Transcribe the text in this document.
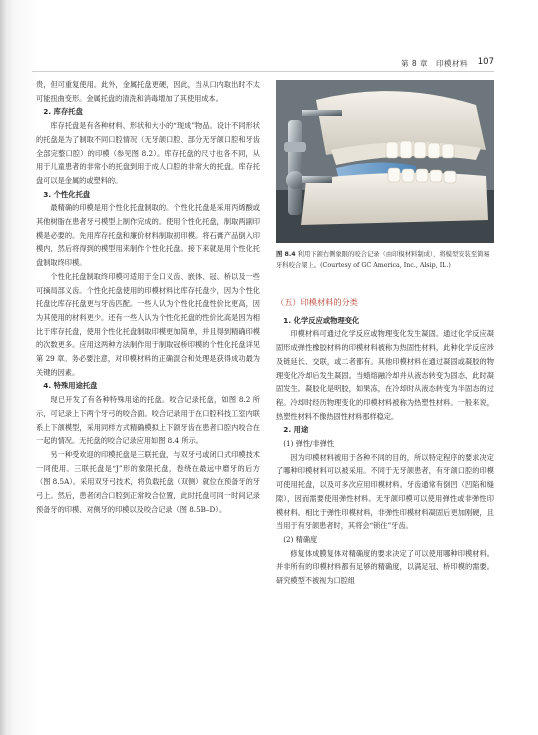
第 8 章　印模材料 107

贵，但可重复使用。此外，金属托盘更硬，因此，当从口内取出时不太可能扭曲变形。金属托盘的清洗和消毒增加了其使用成本。

2. 库存托盘

库存托盘是有各种材料、形状和大小的“现成”物品。设计不同形状的托盘是为了制取不同口腔情况（无牙颌口腔、部分无牙颌口腔和牙齿全部完整口腔）的印模（参见图 8.2）。库存托盘的尺寸也各不同，从用于儿童患者的非常小的托盘到用于成人口腔的非常大的托盘。库存托盘可以是金属的或塑料的。

3. 个性化托盘

最精确的印模是用个性化托盘制取的。个性化托盘是采用丙烯酸或其他树脂在患者牙弓模型上制作完成的。使用个性化托盘，制取两副印模是必要的。先用库存托盘和廉价材料制取初印模。将石膏产品倒入印模内，然后将得到的模型用来制作个性化托盘。接下来就是用个性化托盘制取终印模。

个性化托盘制取终印模可适用于全口义齿、嵌体、冠、桥以及一些可摘局部义齿。个性化托盘使用的印模材料比库存托盘少，因为个性化托盘比库存托盘更与牙齿匹配。一些人认为个性化托盘性价比更高，因为其使用的材料更少。还有一些人认为个性化托盘的性价比高是因为相比于库存托盘，使用个性化托盘制取印模更加简单，并且得到精确印模的次数更多。应用这两种方法制作用于制取冠桥印模的个性化托盘详见第 29 章。务必要注意，对印模材料的正确混合和处理是获得成功最为关键的因素。

4. 特殊用途托盘

现已开发了有各种特殊用途的托盘。咬合记录托盘，如图 8.2 所示，可记录上下两个牙弓的咬合面。咬合记录用于在口腔科技工室内联系上下颌模型，采用同样方式精确模拟上下颌牙齿在患者口腔内咬合在一起的情况。无托盘的咬合记录应用如图 8.4 所示。

另一种受欢迎的印模托盘是三联托盘，与双牙弓或闭口式印模技术一同使用。三联托盘是“J”形的象限托盘，卷绕在最远中磨牙的后方（图 8.5A）。采用双牙弓技术，将负载托盘（双侧）就位在预备牙的牙弓上。然后，患者闭合口腔到正常咬合位置，此时托盘可同一时间记录预备牙的印模、对侧牙的印模以及咬合记录（图 8.5B–D）。

图 8.4 利用下颌右侧象限的咬合记录（由印模材料制成），将模型安装至简易牙科咬合架上。(Courtesy of GC America, Inc., Alsip, IL.)
（五）印模材料的分类
1. 化学反应或物理变化

印模材料可通过化学反应或物理变化发生凝固。通过化学反应凝固形成弹性橡胶材料的印模材料被称为热固性材料，此种化学反应涉及链延长、交联，或二者都有。其他印模材料在通过凝固或凝胶的物理变化冷却后发生凝固。当蜡熔融冷却并从液态转变为固态，此时凝固发生。凝胶化是明胶，如果冻，在冷却时从液态转变为半固态的过程。冷却时经历物理变化的印模材料被称为热塑性材料。一般来说，热塑性材料不像热固性材料那样稳定。

2. 用途

(1) 弹性/非弹性

因为印模材料被用于各种不同的目的，所以特定程序的要求决定了哪种印模材料可以被采用。不同于无牙颌患者，有牙颌口腔的印模可使用托盘，以及可多次应用印模材料。牙齿通常有倒凹（凹陷和缝隙），因而需要使用弹性材料。无牙颌印模可以使用弹性或非弹性印模材料。相比于弹性印模材料，非弹性印模材料凝固后更加刚硬，且当用于有牙颌患者时，其将会“锁住”牙齿。

(2) 精确度

修复体成膜复体对精确度的要求决定了可以使用哪种印模材料。并非所有的印模材料都有足够的精确度，以满足冠、桥印模的需要。研究模型不被视为口腔组
